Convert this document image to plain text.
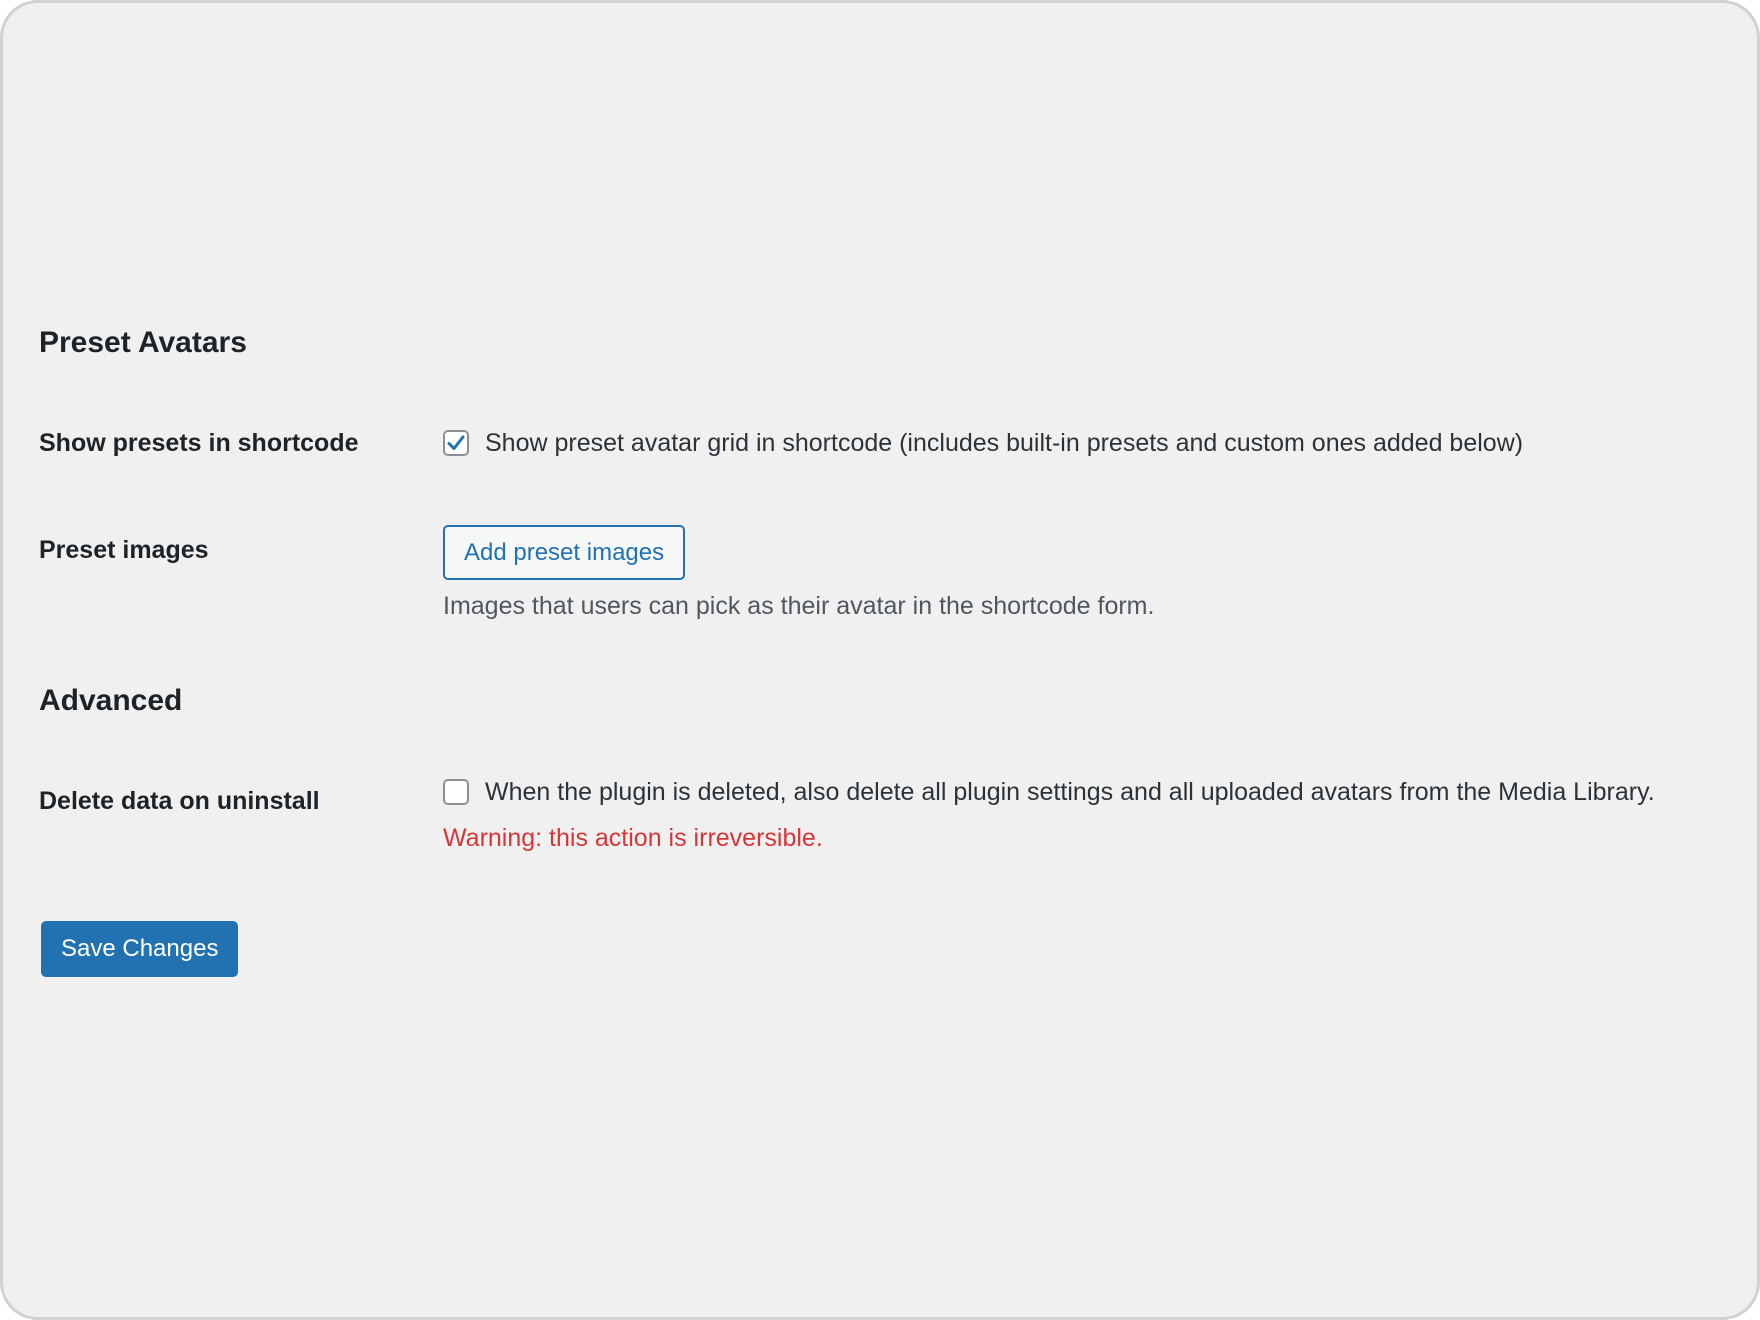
Preset Avatars
Show presets in shortcode	Show preset avatar grid in shortcode (includes built-in presets and custom ones added below)
Preset images	Add preset images
Images that users can pick as their avatar in the shortcode form.
Advanced
Delete data on uninstall	When the plugin is deleted, also delete all plugin settings and all uploaded avatars from the Media Library.
Warning: this action is irreversible.
Save Changes
